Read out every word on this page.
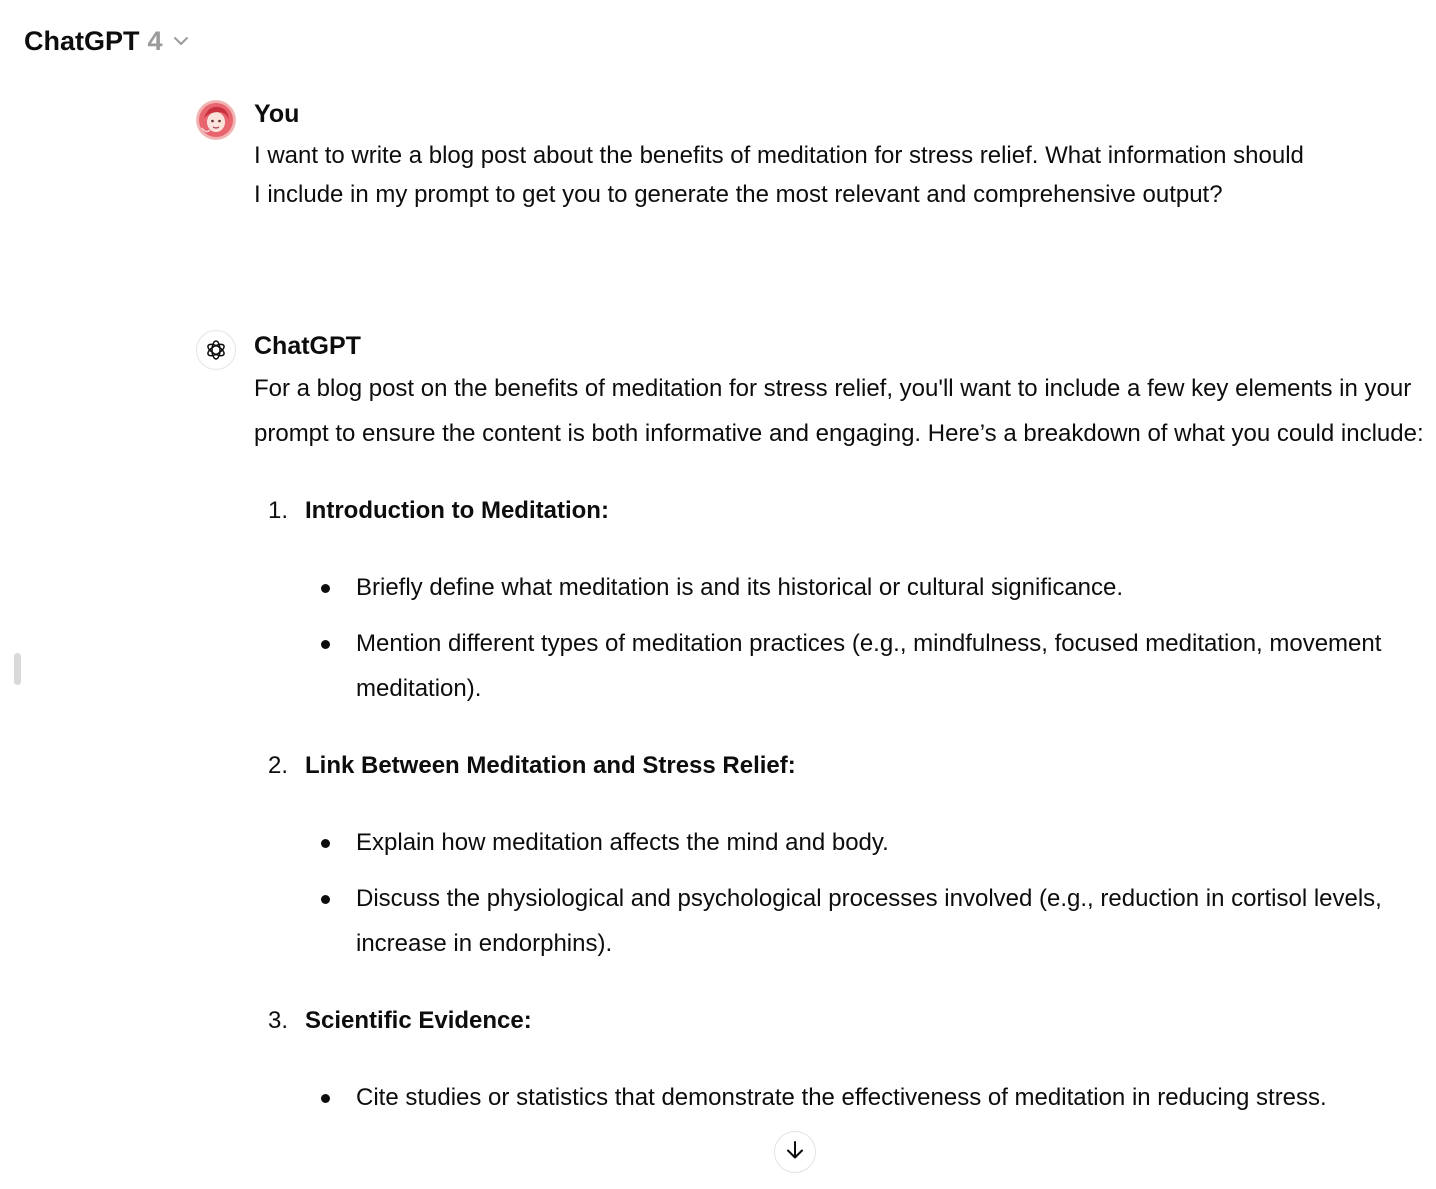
ChatGPT 4
You
I want to write a blog post about the benefits of meditation for stress relief. What information should I include in my prompt to get you to generate the most relevant and comprehensive output?
ChatGPT

For a blog post on the benefits of meditation for stress relief, you'll want to include a few key elements in your prompt to ensure the content is both informative and engaging. Here’s a breakdown of what you could include:

1. Introduction to Meditation:
Briefly define what meditation is and its historical or cultural significance.
Mention different types of meditation practices (e.g., mindfulness, focused meditation, movement meditation).
2. Link Between Meditation and Stress Relief:
Explain how meditation affects the mind and body.
Discuss the physiological and psychological processes involved (e.g., reduction in cortisol levels, increase in endorphins).
3. Scientific Evidence:
Cite studies or statistics that demonstrate the effectiveness of meditation in reducing stress.
